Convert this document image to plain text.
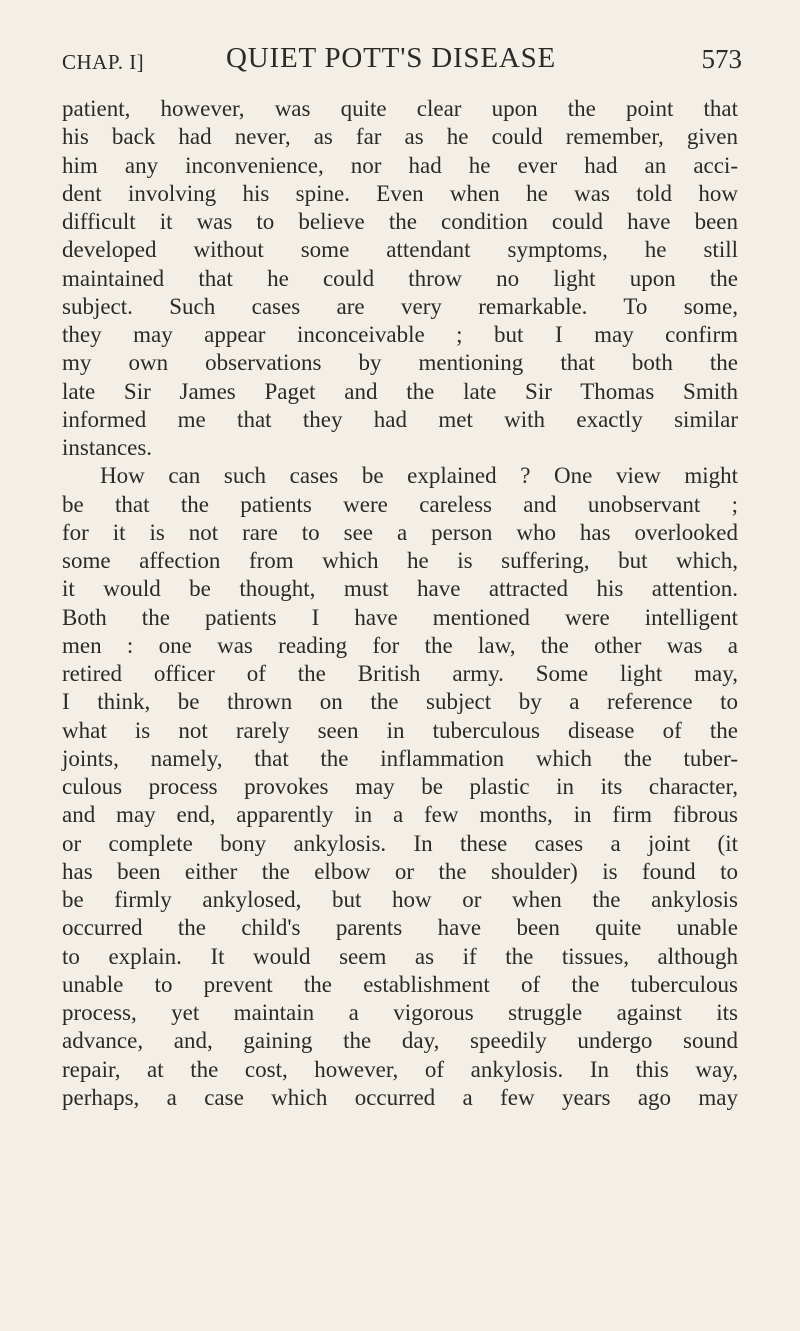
CHAP. I]	QUIET POTT'S DISEASE	573
patient, however, was quite clear upon the point that
his back had never, as far as he could remember, given
him any inconvenience, nor had he ever had an acci-
dent involving his spine. Even when he was told how
difficult it was to believe the condition could have been
developed without some attendant symptoms, he still
maintained that he could throw no light upon the
subject. Such cases are very remarkable. To some,
they may appear inconceivable ; but I may confirm
my own observations by mentioning that both the
late Sir James Paget and the late Sir Thomas Smith
informed me that they had met with exactly similar
instances.
How can such cases be explained ? One view might
be that the patients were careless and unobservant ;
for it is not rare to see a person who has overlooked
some affection from which he is suffering, but which,
it would be thought, must have attracted his attention.
Both the patients I have mentioned were intelligent
men : one was reading for the law, the other was a
retired officer of the British army. Some light may,
I think, be thrown on the subject by a reference to
what is not rarely seen in tuberculous disease of the
joints, namely, that the inflammation which the tuber-
culous process provokes may be plastic in its character,
and may end, apparently in a few months, in firm fibrous
or complete bony ankylosis. In these cases a joint (it
has been either the elbow or the shoulder) is found to
be firmly ankylosed, but how or when the ankylosis
occurred the child's parents have been quite unable
to explain. It would seem as if the tissues, although
unable to prevent the establishment of the tuberculous
process, yet maintain a vigorous struggle against its
advance, and, gaining the day, speedily undergo sound
repair, at the cost, however, of ankylosis. In this way,
perhaps, a case which occurred a few years ago may
